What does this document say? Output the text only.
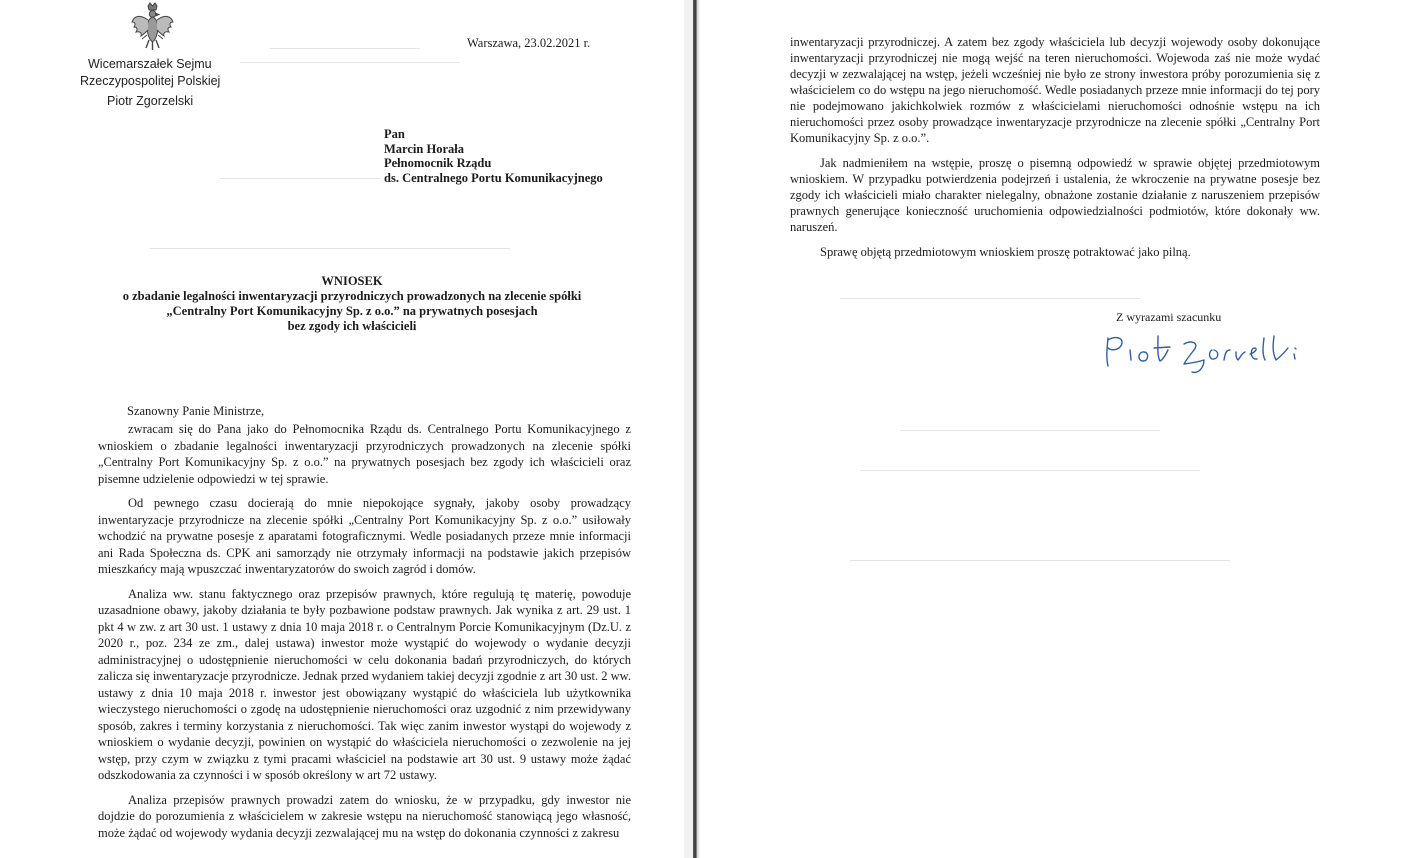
Wicemarszałek Sejmu
Rzeczypospolitej Polskiej
Piotr Zgorzelski
Warszawa, 23.02.2021 r.
Pan
Marcin Horała
Pełnomocnik Rządu
ds. Centralnego Portu Komunikacyjnego
WNIOSEK
o zbadanie legalności inwentaryzacji przyrodniczych prowadzonych na zlecenie spółki
„Centralny Port Komunikacyjny Sp. z o.o.” na prywatnych posesjach
bez zgody ich właścicieli
Szanowny Panie Ministrze,

zwracam się do Pana jako do Pełnomocnika Rządu ds. Centralnego Portu Komunikacyjnego z wnioskiem o zbadanie legalności inwentaryzacji przyrodniczych prowadzonych na zlecenie spółki „Centralny Port Komunikacyjny Sp. z o.o.” na prywatnych posesjach bez zgody ich właścicieli oraz pisemne udzielenie odpowiedzi w tej sprawie.

Od pewnego czasu docierają do mnie niepokojące sygnały, jakoby osoby prowadzący inwentaryzacje przyrodnicze na zlecenie spółki „Centralny Port Komunikacyjny Sp. z o.o.” usiłowały wchodzić na prywatne posesje z aparatami fotograficznymi. Wedle posiadanych przeze mnie informacji ani Rada Społeczna ds. CPK ani samorządy nie otrzymały informacji na podstawie jakich przepisów mieszkańcy mają wpuszczać inwentaryzatorów do swoich zagród i domów.

Analiza ww. stanu faktycznego oraz przepisów prawnych, które regulują tę materię, powoduje uzasadnione obawy, jakoby działania te były pozbawione podstaw prawnych. Jak wynika z art. 29 ust. 1 pkt 4 w zw. z art 30 ust. 1 ustawy z dnia 10 maja 2018 r. o Centralnym Porcie Komunikacyjnym (Dz.U. z 2020 r., poz. 234 ze zm., dalej ustawa) inwestor może wystąpić do wojewody o wydanie decyzji administracyjnej o udostępnienie nieruchomości w celu dokonania badań przyrodniczych, do których zalicza się inwentaryzacje przyrodnicze. Jednak przed wydaniem takiej decyzji zgodnie z art 30 ust. 2 ww. ustawy z dnia 10 maja 2018 r. inwestor jest obowiązany wystąpić do właściciela lub użytkownika wieczystego nieruchomości o zgodę na udostępnienie nieruchomości oraz uzgodnić z nim przewidywany sposób, zakres i terminy korzystania z nieruchomości. Tak więc zanim inwestor wystąpi do wojewody z wnioskiem o wydanie decyzji, powinien on wystąpić do właściciela nieruchomości o zezwolenie na jej wstęp, przy czym w związku z tymi pracami właściciel na podstawie art 30 ust. 9 ustawy może żądać odszkodowania za czynności i w sposób określony w art 72 ustawy.

Analiza przepisów prawnych prowadzi zatem do wniosku, że w przypadku, gdy inwestor nie dojdzie do porozumienia z właścicielem w zakresie wstępu na nieruchomość stanowiącą jego własność, może żądać od wojewody wydania decyzji zezwalającej mu na wstęp do dokonania czynności z zakresu

inwentaryzacji przyrodniczej. A zatem bez zgody właściciela lub decyzji wojewody osoby dokonujące inwentaryzacji przyrodniczej nie mogą wejść na teren nieruchomości. Wojewoda zaś nie może wydać decyzji w zezwalającej na wstęp, jeżeli wcześniej nie było ze strony inwestora próby porozumienia się z właścicielem co do wstępu na jego nieruchomość. Wedle posiadanych przeze mnie informacji do tej pory nie podejmowano jakichkolwiek rozmów z właścicielami nieruchomości odnośnie wstępu na ich nieruchomości przez osoby prowadzące inwentaryzacje przyrodnicze na zlecenie spółki „Centralny Port Komunikacyjny Sp. z o.o.”.

Jak nadmieniłem na wstępie, proszę o pisemną odpowiedź w sprawie objętej przedmiotowym wnioskiem. W przypadku potwierdzenia podejrzeń i ustalenia, że wkroczenie na prywatne posesje bez zgody ich właścicieli miało charakter nielegalny, obnażone zostanie działanie z naruszeniem przepisów prawnych generujące konieczność uruchomienia odpowiedzialności podmiotów, które dokonały ww. naruszeń.

Sprawę objętą przedmiotowym wnioskiem proszę potraktować jako pilną.

Z wyrazami szacunku
